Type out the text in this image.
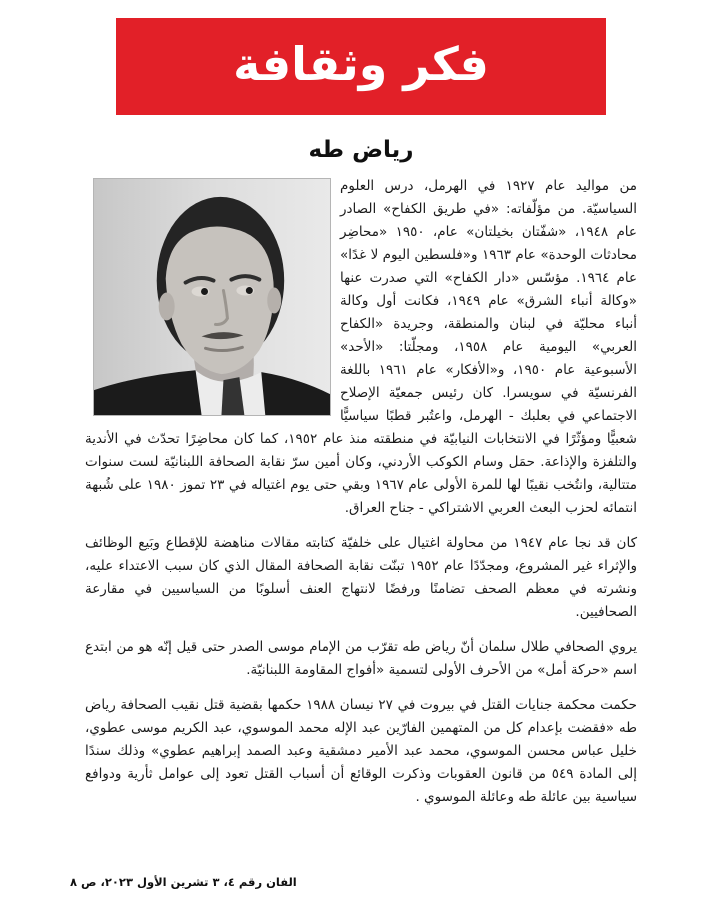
فكر وثقافة
رياض طه

من مواليد عام ١٩٢٧ في الهرمل، درس العلوم السياسيّة. من مؤلّفاته: «في طريق الكفاح» الصادر عام ١٩٤٨، «شفّتان بخيلتان» عام، ١٩٥٠ «محاضِر محادثات الوحدة» عام ١٩٦٣ و«فلسطين اليوم لا غدًا» عام ١٩٦٤. مؤسّس «دار الكفاح» التي صدرت عنها «وكالة أنباء الشرق» عام ١٩٤٩، فكانت أول وكالة أنباء محليّة في لبنان والمنطقة، وجريدة «الكفاح العربي» اليومية عام ١٩٥٨، ومجلّتا: «الأحد» الأسبوعية عام ١٩٥٠، و«الأفكار» عام ١٩٦١ باللغة الفرنسيّة في سويسرا. كان رئيس جمعيّة الإصلاح الاجتماعي في بعلبك - الهرمل، واعتُبر قطبًا سياسيًّا شعبيًّا ومؤثّرًا في الانتخابات النيابيّة في منطقته منذ عام ١٩٥٢، كما كان محاضِرًا تحدّث في الأندية والتلفزة والإذاعة. حمَل وسام الكوكب الأردني، وكان أمين سرّ نقابة الصحافة اللبنانيّة لست سنوات متتالية، وانتُخب نقيبًا لها للمرة الأولى عام ١٩٦٧ وبقي حتى يوم اغتياله في ٢٣ تموز ١٩٨٠ على شُبهة انتمائه لحزب البعث العربي الاشتراكي - جناح العراق.

كان قد نجا عام ١٩٤٧ من محاولة اغتيال على خلفيّة كتابته مقالات مناهضة للإقطاع وبَيع الوظائف والإثراء غير المشروع، ومجدّدًا عام ١٩٥٢ تبنّت نقابة الصحافة المقال الذي كان سبب الاعتداء عليه، ونشرته في معظم الصحف تضامنًا ورفضًا لانتهاج العنف أسلوبًا من السياسيين في مقارعة الصحافيين.

يروي الصحافي طلال سلمان أنّ رياض طه تقرّب من الإمام موسى الصدر حتى قيل إنّه هو من ابتدع اسم «حركة أمل» من الأحرف الأولى لتسمية «أفواج المقاومة اللبنانيّة.

حكمت محكمة جنايات القتل في بيروت في ٢٧ نيسان ١٩٨٨ حكمها بقضية قتل نقيب الصحافة رياض طه «فقضت بإعدام كل من المتهمين الفارّين عبد الإله محمد الموسوي، عبد الكريم موسى عطوي، خليل عباس محسن الموسوي، محمد عبد الأمير دمشقية وعبد الصمد إبراهيم عطوي» وذلك سندًا إلى المادة ٥٤٩ من قانون العقوبات وذكرت الوقائع أن أسباب القتل تعود إلى عوامل ثأرية ودوافع سياسية بين عائلة طه وعائلة الموسوي .

الفان رقم ٤، ٣ تشرين الأول ٢٠٢٣، ص ٨
